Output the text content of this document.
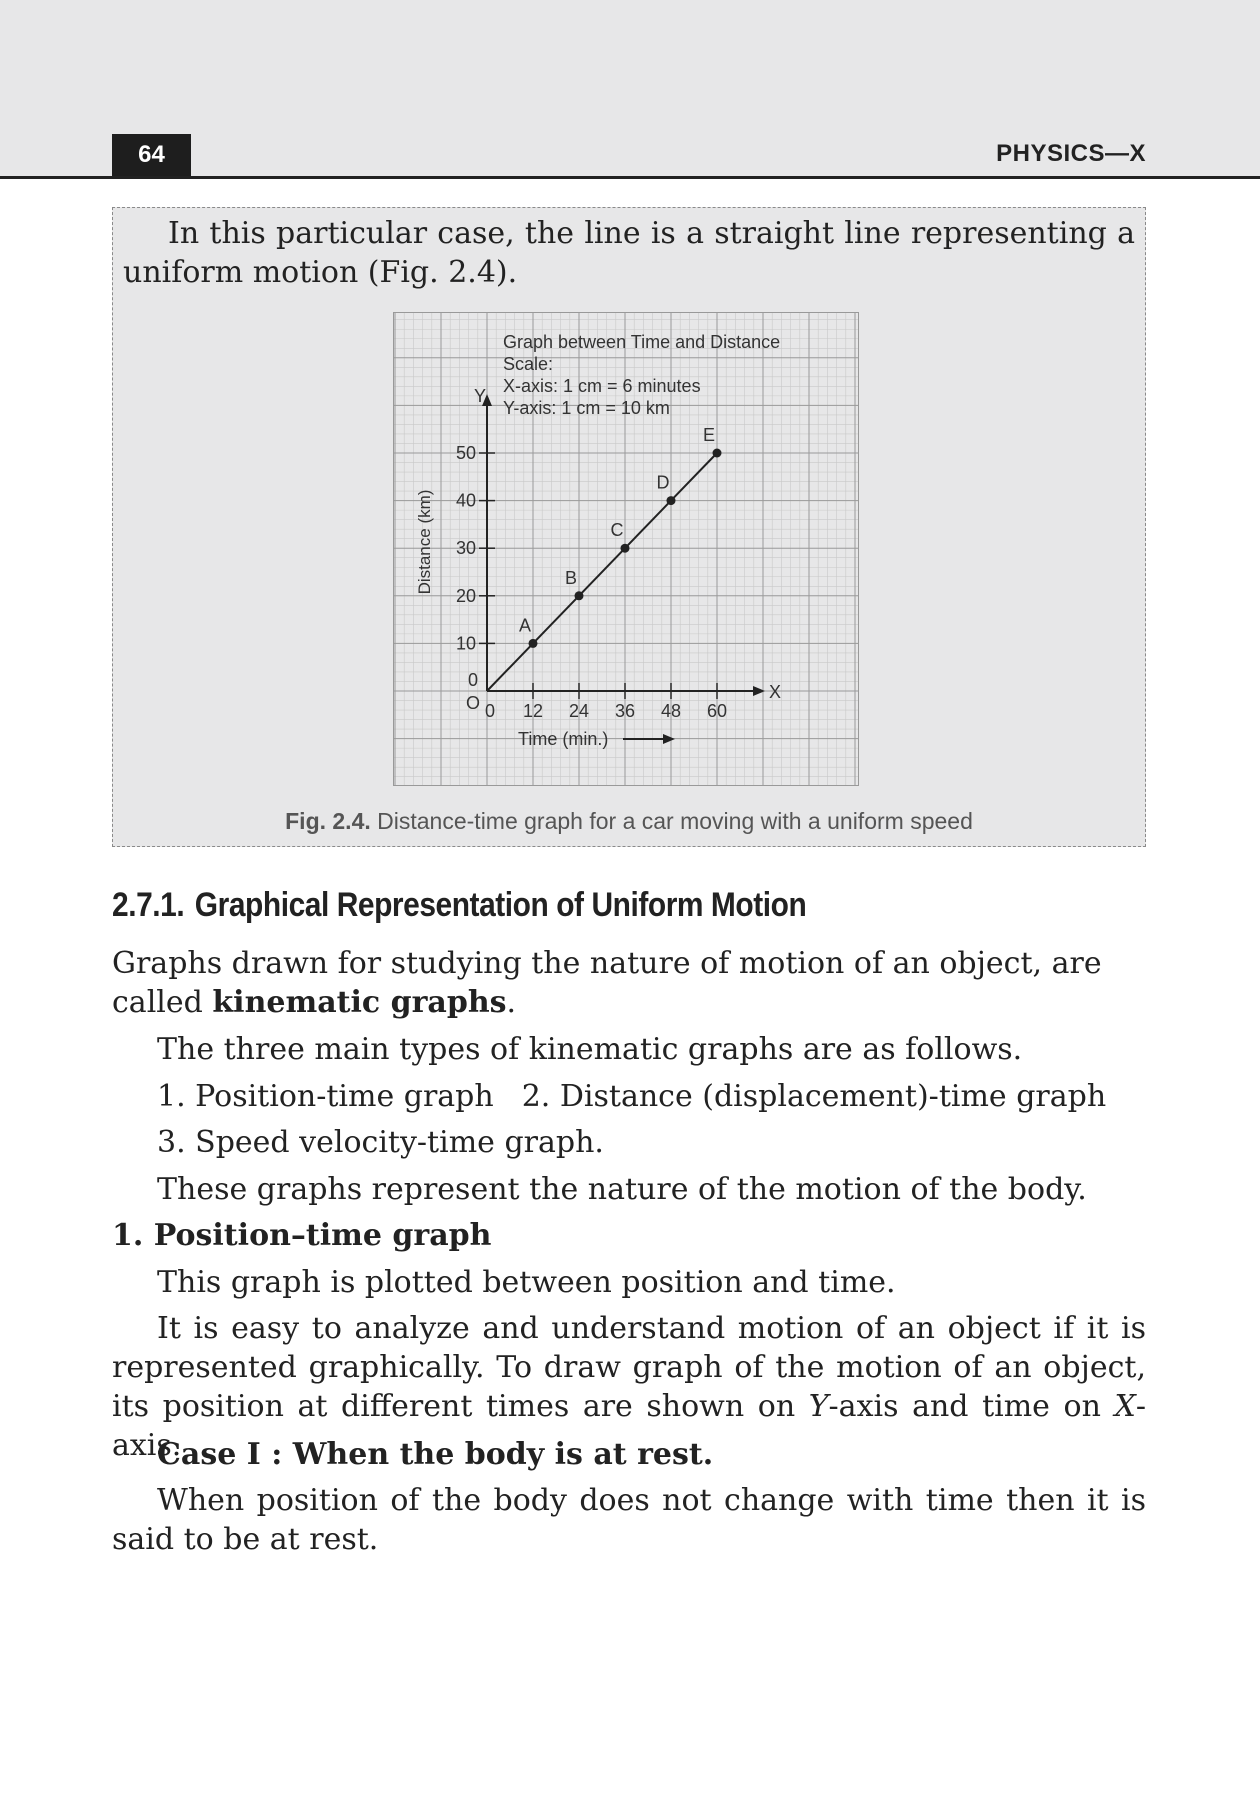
64	PHYSICS—X

In this particular case, the line is a straight line representing a uniform motion (Fig. 2.4).

Graph between Time and Distance
Scale:
X-axis: 1 cm = 6 minutes
Y-axis: 1 cm = 10 km
Y
X
0
O 0 12 24 36 48 60
10
20
30
40
50
Distance (km)
Time (min.)
A
B
C
D
E
Fig. 2.4. Distance-time graph for a car moving with a uniform speed
2.7.1. Graphical Representation of Uniform Motion

Graphs drawn for studying the nature of motion of an object, are called kinematic graphs.

The three main types of kinematic graphs are as follows.

1. Position-time graph 2. Distance (displacement)-time graph

3. Speed velocity-time graph.

These graphs represent the nature of the motion of the body.

1. Position–time graph

This graph is plotted between position and time.

It is easy to analyze and understand motion of an object if it is represented graphically. To draw graph of the motion of an object, its position at different times are shown on Y-axis and time on X-axis.

Case I : When the body is at rest.

When position of the body does not change with time then it is said to be at rest.
